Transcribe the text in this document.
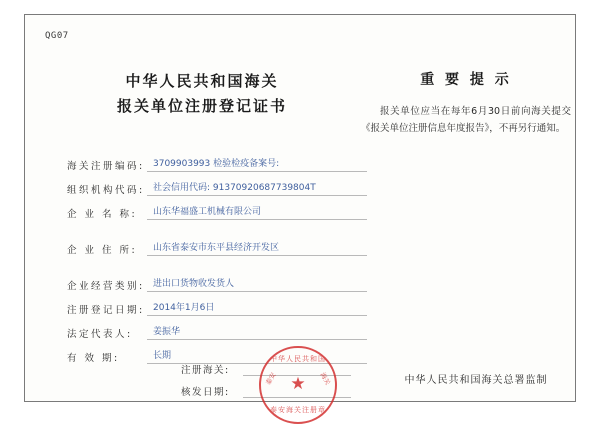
QG07
中华人民共和国海关
报关单位注册登记证书
重 要 提 示
报关单位应当在每年6月30日前向海关提交《报关单位注册信息年度报告》，不再另行通知。
海关注册编码: 3709903993 检验检疫备案号:
组织机构代码: 社会信用代码: 91370920687739804T
企 业 名 称:	山东华福盛工机械有限公司
企 业 住 所:	山东省泰安市东平县经济开发区
企业经营类别: 进出口货物收发货人
注册登记日期: 2014年1月6日
法定代表人:	姜振华
有 效 期:	长期
注册海关:
核发日期:
中华人民共和国
★
泰安海关注册章
泰安	海关	中华人民共和国海关总署监制
